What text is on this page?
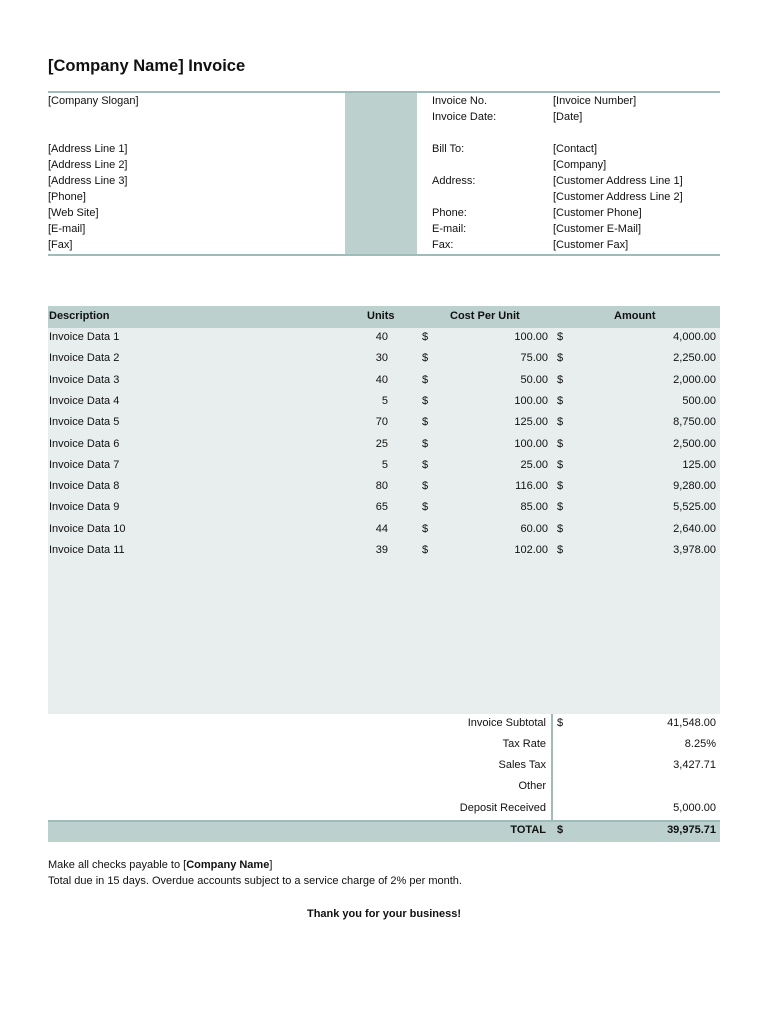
[Company Name] Invoice
[Company Slogan]
[Address Line 1]
[Address Line 2]
[Address Line 3]
[Phone]
[Web Site]
[E-mail]
[Fax]
Invoice No.	[Invoice Number]
Invoice Date:	[Date]
Bill To:	[Contact]
[Company]
Address:	[Customer Address Line 1]
[Customer Address Line 2]
Phone:	[Customer Phone]
E-mail:	[Customer E-Mail]
Fax:	[Customer Fax]
Description	Units	Cost Per Unit	Amount
Invoice Data 1	40	$	100.00 $	4,000.00
Invoice Data 2	30	$	75.00 $	2,250.00
Invoice Data 3	40	$	50.00 $	2,000.00
Invoice Data 4	5	$	100.00 $	500.00
Invoice Data 5	70	$	125.00 $	8,750.00
Invoice Data 6	25	$	100.00 $	2,500.00
Invoice Data 7	5	$	25.00 $	125.00
Invoice Data 8	80	$	116.00 $	9,280.00
Invoice Data 9	65	$	85.00 $	5,525.00
Invoice Data 10	44	$	60.00 $	2,640.00
Invoice Data 11	39	$	102.00 $	3,978.00
Invoice Subtotal $	41,548.00
Tax Rate	8.25%
Sales Tax	3,427.71
Other
Deposit Received	5,000.00
TOTAL $	39,975.71
Make all checks payable to [Company Name]
Total due in 15 days. Overdue accounts subject to a service charge of 2% per month.
Thank you for your business!
